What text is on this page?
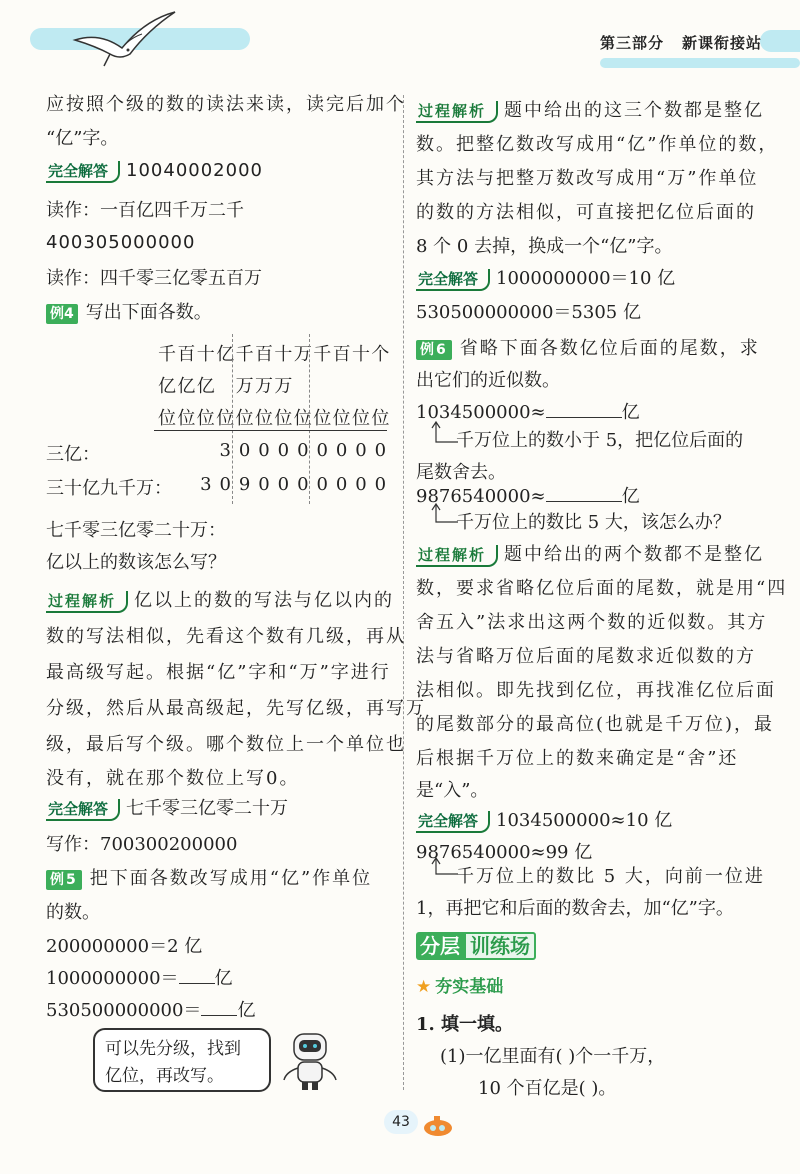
第三部分 新课衔接站
应按照个级的数的读法来读，读完后加个
“亿”字。
完全解答 10040002000
读作：一百亿四千万二千
400305000000
读作：四千零三亿零五百万
例4 写出下面各数。
千 百 十 亿 千 百 十 万 千 百 十 个
亿 亿 亿 万 万 万
位 位 位 位 位 位 位 位 位 位 位 位
3 0 0 0 0 0 0 0 0
3 0 9 0 0 0 0 0 0 0
三亿：
三十亿九千万：
七千零三亿零二十万：
亿以上的数该怎么写？
过程解析 亿以上的数的写法与亿以内的
数的写法相似，先看这个数有几级，再从
最高级写起。根据“亿”字和“万”字进行
分级，然后从最高级起，先写亿级，再写万
级，最后写个级。哪个数位上一个单位也
没有，就在那个数位上写0。
完全解答 七千零三亿零二十万
写作：700300200000
例5 把下面各数改写成用“亿”作单位
的数。
200000000＝2 亿
1000000000＝ 亿
530500000000＝ 亿
可以先分级，找到
亿位，再改写。
过程解析 题中给出的这三个数都是整亿
数。把整亿数改写成用“亿”作单位的数，
其方法与把整万数改写成用“万”作单位
的数的方法相似，可直接把亿位后面的
8 个 0 去掉，换成一个“亿”字。
完全解答 1000000000＝10 亿
530500000000＝5305 亿
例6 省略下面各数亿位后面的尾数，求
出它们的近似数。
1034500000≈	亿
千万位上的数小于 5，把亿位后面的
尾数舍去。
9876540000≈	亿
千万位上的数比 5 大，该怎么办？
过程解析 题中给出的两个数都不是整亿
数，要求省略亿位后面的尾数，就是用“四
舍五入”法求出这两个数的近似数。其方
法与省略万位后面的尾数求近似数的方
法相似。即先找到亿位，再找准亿位后面
的尾数部分的最高位(也就是千万位)，最
后根据千万位上的数来确定是“舍”还
是“入”。
完全解答 1034500000≈10 亿
9876540000≈99 亿
千万位上的数比 5 大，向前一位进
1，再把它和后面的数舍去，加“亿”字。
分层 训练场
★ 夯实基础
1. 填一填。
(1)一亿里面有( )个一千万，
10 个百亿是( )。
43
